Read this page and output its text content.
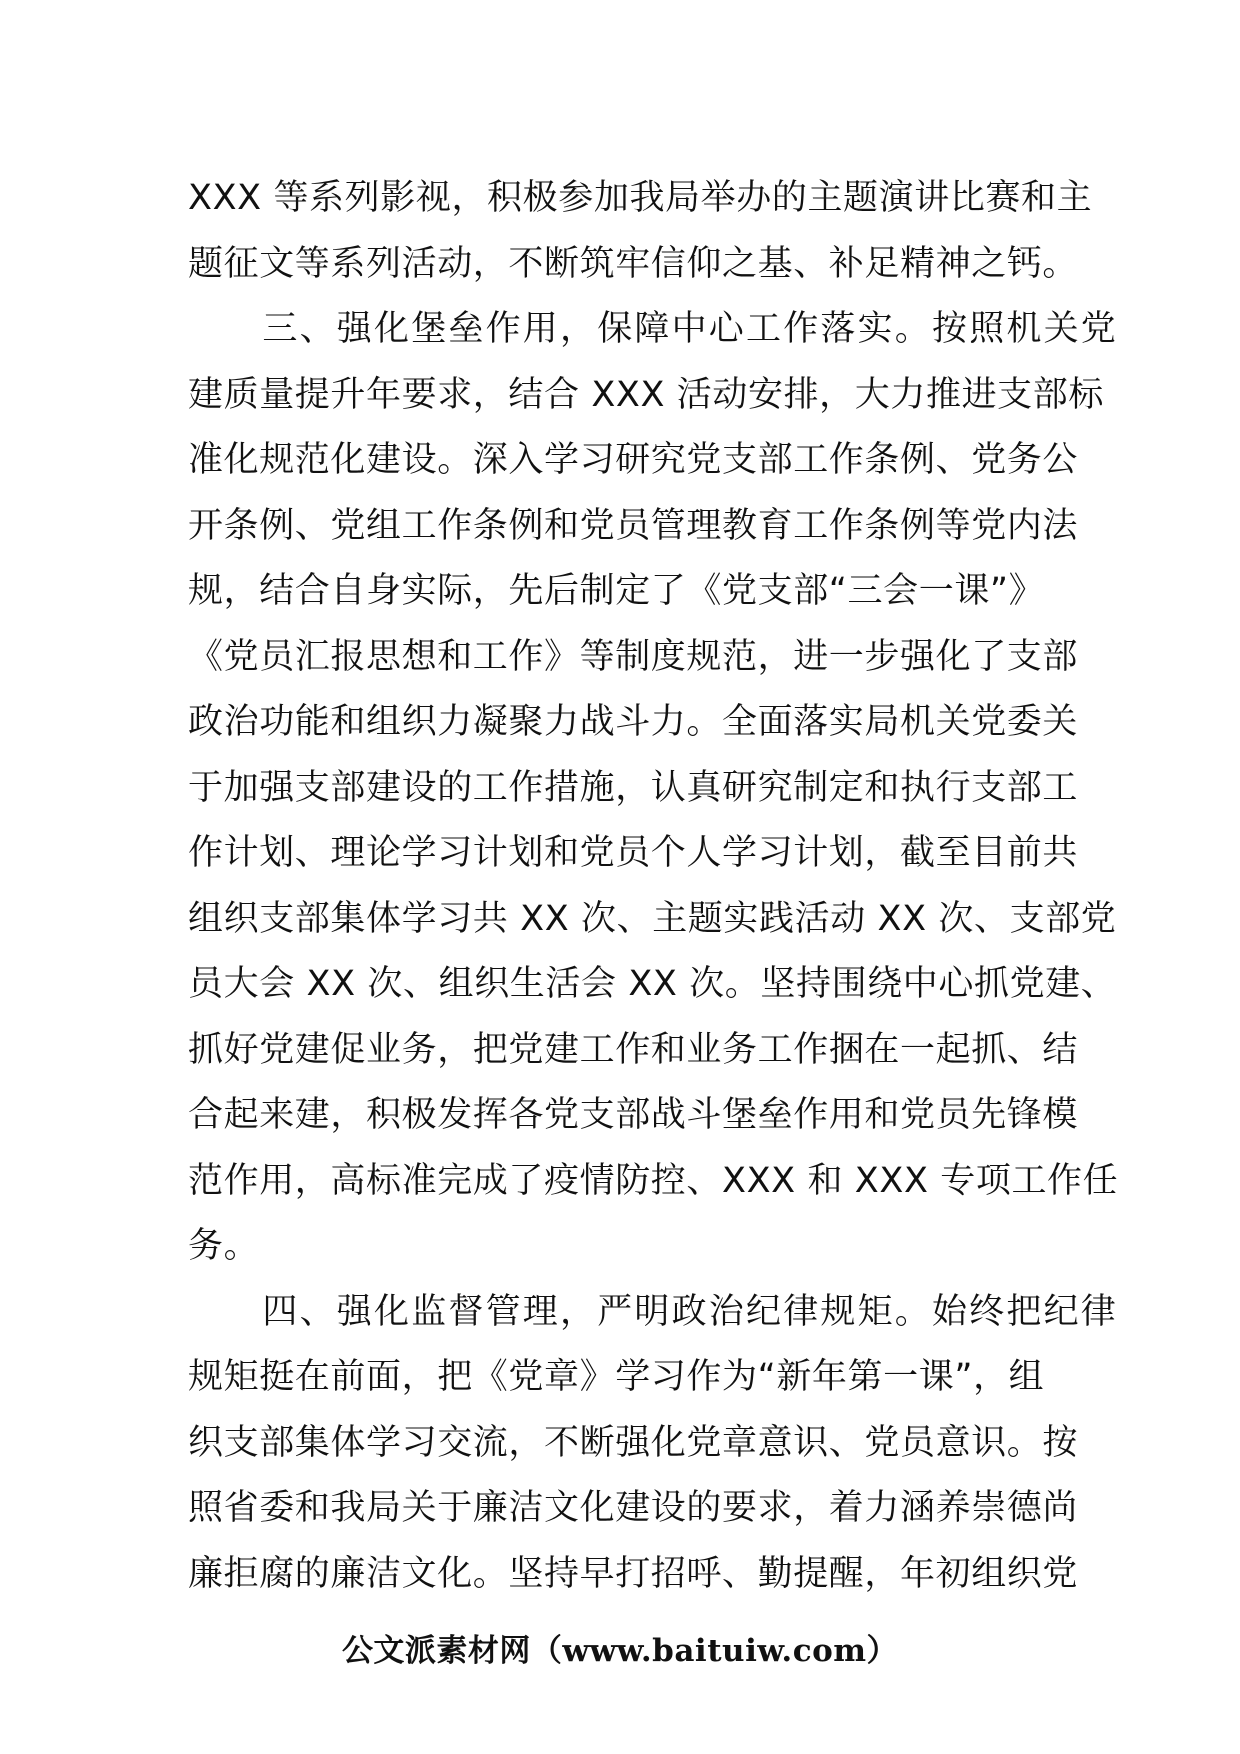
XXX 等系列影视，积极参加我局举办的主题演讲比赛和主
题征文等系列活动，不断筑牢信仰之基、补足精神之钙。
　　三、强化堡垒作用，保障中心工作落实。按照机关党
建质量提升年要求，结合 XXX 活动安排，大力推进支部标
准化规范化建设。深入学习研究党支部工作条例、党务公
开条例、党组工作条例和党员管理教育工作条例等党内法
规，结合自身实际，先后制定了《党支部“三会一课”》
《党员汇报思想和工作》等制度规范，进一步强化了支部
政治功能和组织力凝聚力战斗力。全面落实局机关党委关
于加强支部建设的工作措施，认真研究制定和执行支部工
作计划、理论学习计划和党员个人学习计划，截至目前共
组织支部集体学习共 XX 次、主题实践活动 XX 次、支部党
员大会 XX 次、组织生活会 XX 次。坚持围绕中心抓党建、
抓好党建促业务，把党建工作和业务工作捆在一起抓、结
合起来建，积极发挥各党支部战斗堡垒作用和党员先锋模
范作用，高标准完成了疫情防控、XXX 和 XXX 专项工作任
务。
　　四、强化监督管理，严明政治纪律规矩。始终把纪律
规矩挺在前面，把《党章》学习作为“新年第一课”，组
织支部集体学习交流，不断强化党章意识、党员意识。按
照省委和我局关于廉洁文化建设的要求，着力涵养崇德尚
廉拒腐的廉洁文化。坚持早打招呼、勤提醒，年初组织党
公文派素材网（www.baituiw.com）
